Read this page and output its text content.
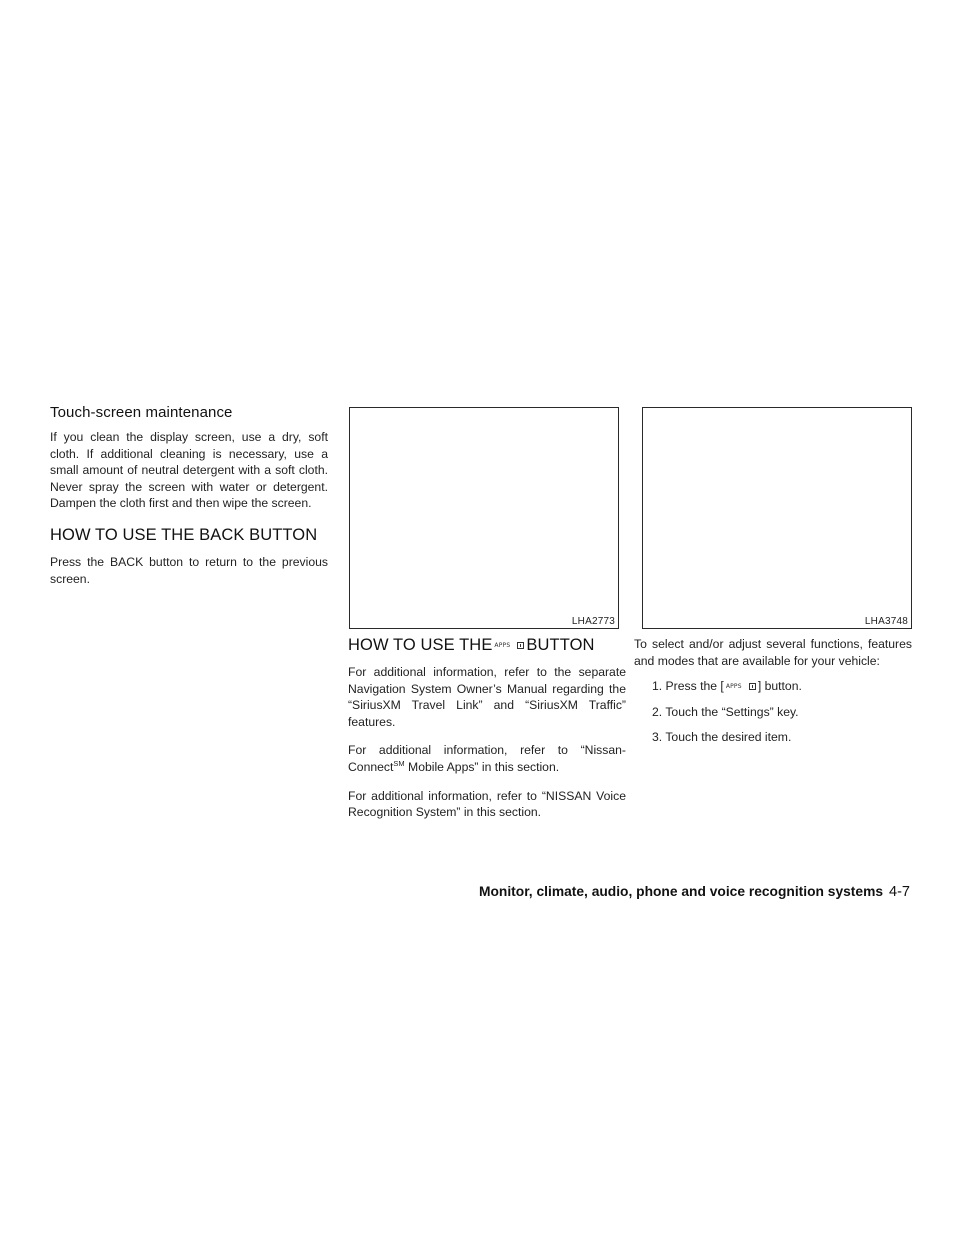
Touch-screen maintenance

If you clean the display screen, use a dry, soft cloth. If additional cleaning is necessary, use a small amount of neutral detergent with a soft cloth. Never spray the screen with water or detergent. Dampen the cloth first and then wipe the screen.

HOW TO USE THE BACK BUTTON

Press the BACK button to return to the previous screen.

LHA2773	LHA3748
HOW TO USE THE APPS BUTTON

For additional information, refer to the separate Navigation System Owner’s Manual regarding the “SiriusXM Travel Link” and “SiriusXM Traffic” features.

For additional information, refer to “Nissan-Connect℠ Mobile Apps” in this section.

For additional information, refer to “NISSAN Voice Recognition System” in this section.

To select and/or adjust several functions, features and modes that are available for your vehicle:

1. Press the [ APPS ] button.
2. Touch the “Settings” key.
3. Touch the desired item.
Monitor, climate, audio, phone and voice recognition systems 4-7
